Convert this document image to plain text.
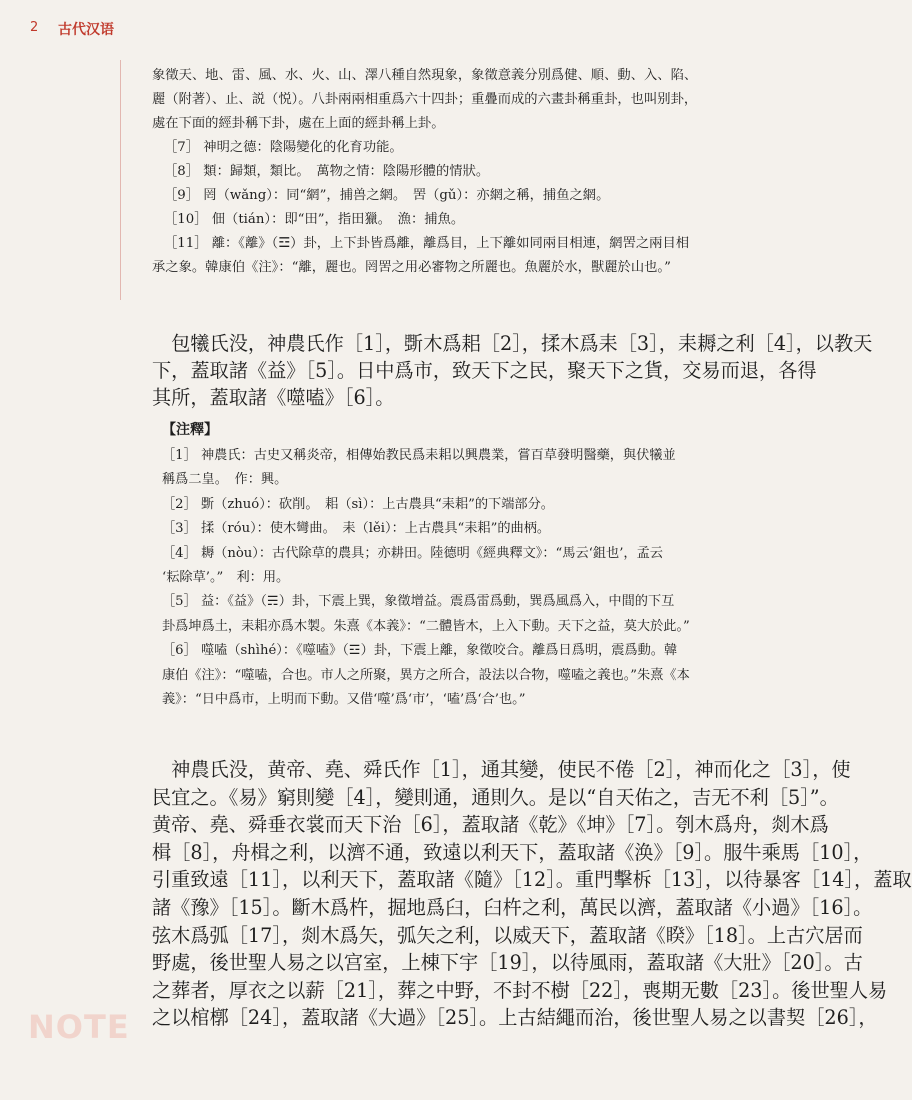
2 古代汉语
象徵天、地、雷、風、水、火、山、澤八種自然現象，象徵意義分別爲健、順、動、入、陷、
麗（附著）、止、説（悦）。八卦兩兩相重爲六十四卦；重疊而成的六畫卦稱重卦，也叫别卦，
處在下面的經卦稱下卦，處在上面的經卦稱上卦。
［7］ 神明之德：陰陽變化的化育功能。
［8］ 類：歸類，類比。　萬物之情：陰陽形體的情狀。
［9］ 罔（wǎng）：同“網”，捕兽之網。　罟（gǔ）：亦網之稱，捕鱼之網。
［10］ 佃（tián）：即“田”，指田獵。　漁：捕魚。
［11］ 離：《離》（☲）卦，上下卦皆爲離，離爲目，上下離如同兩目相連，網罟之兩目相
承之象。韓康伯《注》：“離，麗也。罔罟之用必審物之所麗也。魚麗於水，獸麗於山也。”
　包犧氏没，神農氏作［1］，斲木爲耜［2］，揉木爲耒［3］，耒耨之利［4］，以教天
下，蓋取諸《益》［5］。日中爲市，致天下之民，聚天下之貨，交易而退，各得
其所，蓋取諸《噬嗑》［6］。
【注釋】
［1］ 神農氏：古史又稱炎帝，相傳始教民爲耒耜以興農業，嘗百草發明醫藥，與伏犧並
稱爲二皇。　作：興。
［2］ 斲（zhuó）：砍削。　耜（sì）：上古農具“耒耜”的下端部分。
［3］ 揉（róu）：使木彎曲。　耒（lěi）：上古農具“耒耜”的曲柄。
［4］ 耨（nòu）：古代除草的農具；亦耕田。陸德明《經典釋文》：“馬云‘鉏也’，孟云
‘耘除草’。”　利：用。
［5］ 益：《益》（☴）卦，下震上巽，象徵增益。震爲雷爲動，巽爲風爲入，中間的下互
卦爲坤爲土，耒耜亦爲木製。朱熹《本義》：“二體皆木，上入下動。天下之益，莫大於此。”
［6］ 噬嗑（shìhé）：《噬嗑》（☲）卦，下震上離，象徵咬合。離爲日爲明，震爲動。韓
康伯《注》：“噬嗑，合也。市人之所聚，異方之所合，設法以合物，噬嗑之義也。”朱熹《本
義》：“日中爲市，上明而下動。又借‘噬’爲‘市’，‘嗑’爲‘合’也。”
　神農氏没，黄帝、堯、舜氏作［1］，通其變，使民不倦［2］，神而化之［3］，使
民宜之。《易》窮則變［4］，變則通，通則久。是以“自天佑之，吉无不利［5］”。
黄帝、堯、舜垂衣裳而天下治［6］，蓋取諸《乾》《坤》［7］。刳木爲舟，剡木爲
楫［8］，舟楫之利，以濟不通，致遠以利天下，蓋取諸《涣》［9］。服牛乘馬［10］，
引重致遠［11］，以利天下，蓋取諸《隨》［12］。重門擊柝［13］，以待暴客［14］，蓋取
諸《豫》［15］。斷木爲杵，掘地爲臼，臼杵之利，萬民以濟，蓋取諸《小過》［16］。
弦木爲弧［17］，剡木爲矢，弧矢之利，以威天下，蓋取諸《睽》［18］。上古穴居而
野處，後世聖人易之以宫室，上棟下宇［19］，以待風雨，蓋取諸《大壯》［20］。古
之葬者，厚衣之以薪［21］，葬之中野，不封不樹［22］，喪期无數［23］。後世聖人易
之以棺槨［24］，蓋取諸《大過》［25］。上古結繩而治，後世聖人易之以書契［26］，
NOTE
